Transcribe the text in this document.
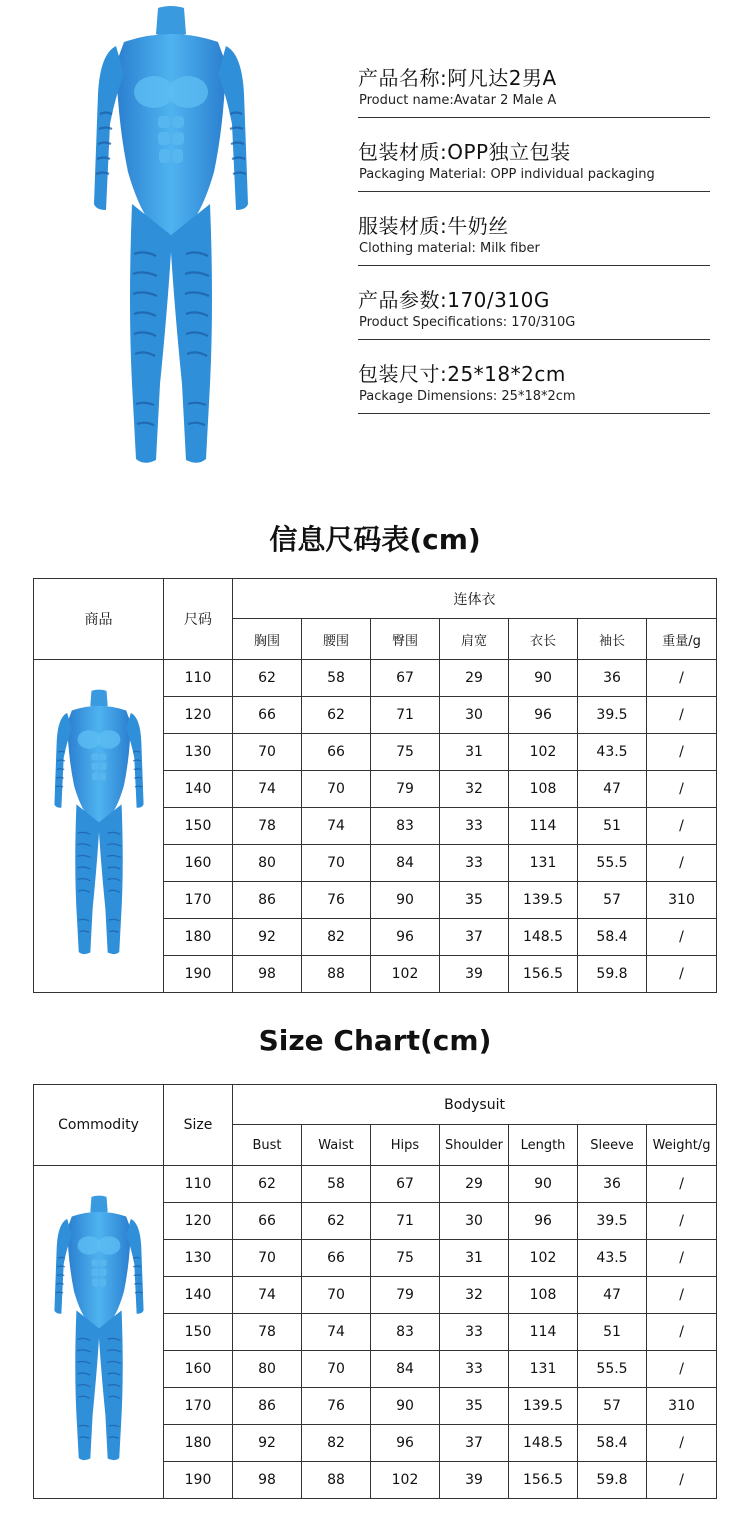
产品名称:阿凡达2男A
Product name:Avatar 2 Male A
包装材质:OPP独立包装
Packaging Material: OPP individual packaging
服装材质:牛奶丝
Clothing material: Milk fiber
产品参数:170/310G
Product Specifications: 170/310G
包装尺寸:25*18*2cm
Package Dimensions: 25*18*2cm
信息尺码表(cm)
商品	尺码	连体衣						
		胸围	腰围	臀围	肩宽	衣长	袖长	重量/g
	110	62	58	67	29	90	36	/
	120	66	62	71	30	96	39.5	/
	130	70	66	75	31	102	43.5	/
	140	74	70	79	32	108	47	/
	150	78	74	83	33	114	51	/
	160	80	70	84	33	131	55.5	/
	170	86	76	90	35	139.5	57	310
	180	92	82	96	37	148.5	58.4	/
	190	98	88	102	39	156.5	59.8	/
Size Chart(cm)
Commodity	Size	Bodysuit						
		Bust	Waist	Hips	Shoulder	Length	Sleeve	Weight/g
	110	62	58	67	29	90	36	/
	120	66	62	71	30	96	39.5	/
	130	70	66	75	31	102	43.5	/
	140	74	70	79	32	108	47	/
	150	78	74	83	33	114	51	/
	160	80	70	84	33	131	55.5	/
	170	86	76	90	35	139.5	57	310
	180	92	82	96	37	148.5	58.4	/
	190	98	88	102	39	156.5	59.8	/
